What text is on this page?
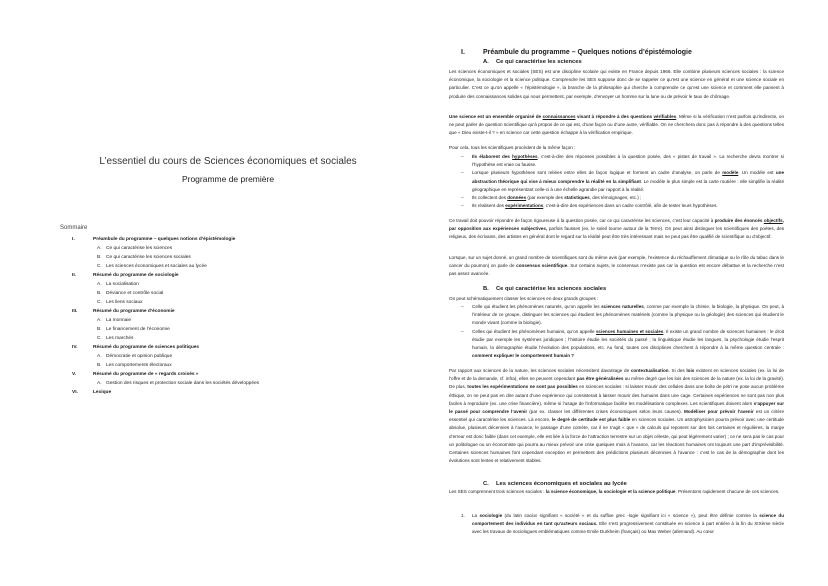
L’essentiel du cours de Sciences économiques et sociales
Programme de première
Sommaire
I.	Préambule du programme – quelques notions d’épistémologie
A. Ce qui caractérise les sciences
B. Ce qui caractérise les sciences sociales
C. Les sciences économiques et sociales au lycée
II.	Résumé du programme de sociologie
A. La socialisation
B. Déviance et contrôle social
C. Les liens sociaux
III.	Résumé du programme d’économie
A. La monnaie
B. Le financement de l’économie
C. Les marchés
IV.	Résumé du programme de sciences politiques
A. Démocratie et opinion publique
B. Les comportements électoraux
V.	Résumé du programme de « regards croisés »
A. Gestion des risques et protection sociale dans les sociétés développées
VI.	Lexique
I.	Préambule du programme – Quelques notions d’épistémologie
A. Ce qui caractérise les sciences
Les sciences économiques et sociales (SES) est une discipline scolaire qui existe en France depuis 1966. Elle combine plusieurs sciences sociales : la science économique, la sociologie et la science politique. Comprendre les SES suppose donc de se rappeler ce qu’est une science en général et une science sociale en particulier. C’est ce qu’on appelle « l’épistémologie », la branche de la philosophie qui cherche à comprendre ce qu’est une science et comment elle parvient à produire des connaissances solides qui nous permettent, par exemple, d’envoyer un homme sur la lune ou de prévoir le taux de chômage.
Une science est un ensemble organisé de connaissances visant à répondre à des questions vérifiables. Même si la vérification n’est parfois qu’indirecte, on ne peut parler de question scientifique qu’à propos de ce qui est, d’une façon ou d’une autre, vérifiable. On ne cherchera donc pas à répondre à des questions telles que « Dieu existe-t-il ? » en science car cette question échappe à la vérification empirique.
Pour cela, tous les scientifiques procèdent de la même façon :
– Ils élaborent des hypothèses, c’est-à-dire des réponses possibles à la question posée, des « pistes de travail ». La recherche devra montrer si l’hypothèse est vraie ou fausse.
– Lorsque plusieurs hypothèses sont reliées entre elles de façon logique et forment un cadre d’analyse, on parle de modèle. Un modèle est une abstraction théorique qui vise à mieux comprendre la réalité en la simplifiant. Le modèle le plus simple est la carte routière : elle simplifie la réalité géographique en représentant celle-ci à une échelle agrandie par rapport à la réalité.
– Ils collectent des données (par exemple des statistiques, des témoignages, etc.) ;
– Ils réalisent des expérimentations, c’est-à-dire des expériences dans un cadre contrôlé, afin de tester leurs hypothèses.
Ce travail doit pouvoir répondre de façon rigoureuse à la question posée, car ce qui caractérise les sciences, c’est leur capacité à produire des énoncés objectifs, par opposition aux expériences subjectives, parfois fausses (ex. le soleil tourne autour de la Terre). On peut ainsi distinguer les scientifiques des poètes, des religieux, des écrivains, des artistes en général dont le regard sur la réalité peut être très intéressant mais ne peut pas être qualifié de scientifique ou d’objectif.
Lorsque, sur un sujet donné, un grand nombre de scientifiques sont du même avis (par exemple, l’existence du réchauffement climatique ou le rôle du tabac dans le cancer du poumon) on parle de consensus scientifique. Sur certains sujets, le consensus n’existe pas car la question est encore débattue et la recherche n’est pas assez avancée.
B. Ce qui caractérise les sciences sociales
On peut schématiquement classer les sciences en deux grands groupes :
– Celle qui étudient les phénomènes naturels, qu’on appelle les sciences naturelles, comme par exemple la chimie, la biologie, la physique. On peut, à l’intérieur de ce groupe, distinguer les sciences qui étudient les phénomènes matériels (comme la physique ou la géologie) des sciences qui étudient le monde vivant (comme la biologie).
– Celles qui étudient les phénomènes humains, qu’on appelle sciences humaines et sociales. Il existe un grand nombre de sciences humaines : le droit étudie par exemple les systèmes juridiques ; l’histoire étudie les sociétés du passé ; la linguistique étudie les langues, la psychologie étudie l’esprit humain, la démographie étudie l’évolution des populations, etc. Au fond, toutes ces disciplines cherchent à répondre à la même question centrale : comment expliquer le comportement humain ?
Par rapport aux sciences de la nature, les sciences sociales nécessitent davantage de contextualisation. Si des lois existent en sciences sociales (ex. la loi de l’offre et de la demande, cf. infra), elles ne peuvent cependant pas être généralisées au même degré que les lois des sciences de la nature (ex. la loi de la gravité). De plus, toutes les expérimentations ne sont pas possibles en sciences sociales : si laisser mourir des cellules dans une boîte de pétri ne pose aucun problème éthique, on ne peut pas en dire autant d’une expérience qui consisterait à laisser mourir des humains dans une cage. Certaines expériences ne sont pas non plus faciles à reproduire (ex. une crise financière), même si l’usage de l’informatique facilite les modélisations complexes. Les scientifiques doivent alors s’appuyer sur le passé pour comprendre l’avenir (par ex. classer les différentes crises économiques selon leurs causes). Modéliser pour prévoir l’avenir est un critère essentiel qui caractérise les sciences. Là encore, le degré de certitude est plus faible en sciences sociales. Un astrophysicien pourra prévoir avec une certitude absolue, plusieurs décennies à l’avance, le passage d’une comète, car il ne s’agit « que » de calculs qui reposent sur des lois certaines et régulières, la marge d’erreur est donc faible (dans cet exemple, elle est liée à la force de l’attraction terrestre sur un objet céleste, qui peut légèrement varier) ; ce ne sera pas le cas pour un politologue ou un économiste qui pourra au mieux prévoir une crise quelques mois à l’avance, car les réactions humaines ont toujours une part d’imprévisibilité. Certaines sciences humaines font cependant exception et permettent des prédictions plusieurs décennies à l’avance : c’est le cas de la démographie dont les évolutions sont lentes et relativement stables.
C. Les sciences économiques et sociales au lycée
Les SES comprennent trois sciences sociales : la science économique, la sociologie et la science politique. Présentons rapidement chacune de ces sciences.
1. La sociologie (du latin socius signifiant « société » et du suffixe grec -logie signifiant ici « science »), peut être définie comme la science du comportement des individus en tant qu’acteurs sociaux. Elle s’est progressivement constituée en science à part entière à la fin du XIXème siècle avec les travaux de sociologues emblématiques comme Emile Durkheim (français) ou Max Weber (allemand). Au cœur
